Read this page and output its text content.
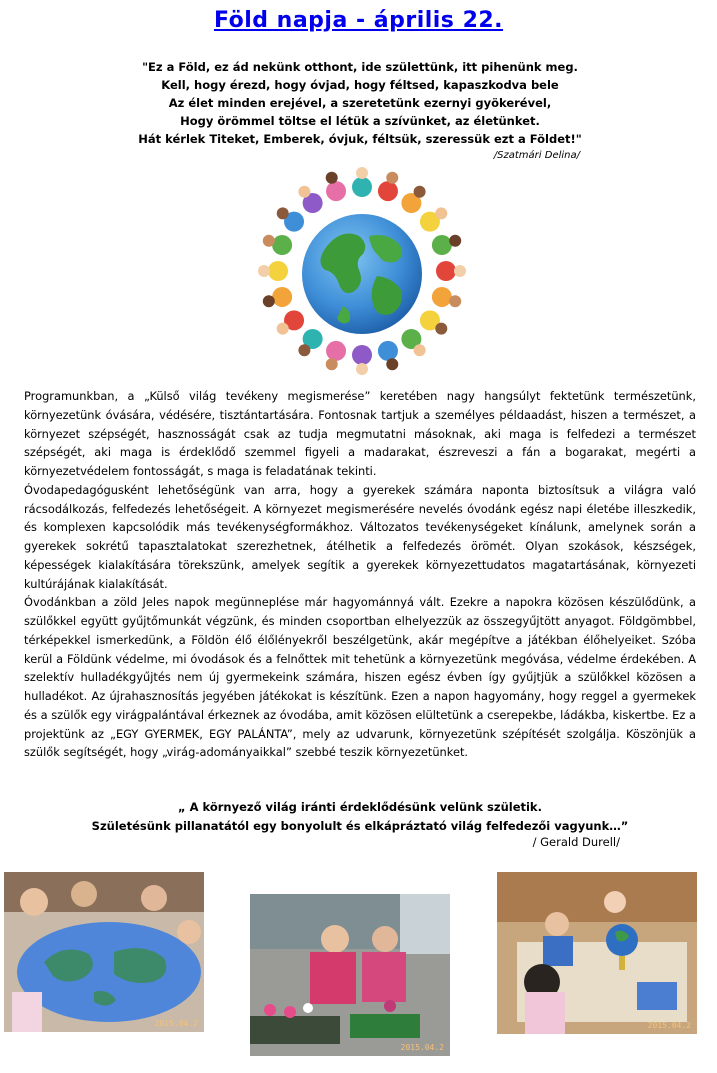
Föld napja - április 22.
"Ez a Föld, ez ád nekünk otthont, ide születtünk, itt pihenünk meg.
Kell, hogy érezd, hogy óvjad, hogy féltsed, kapaszkodva bele
Az élet minden erejével, a szeretetünk ezernyi gyökerével,
Hogy örömmel töltse el létük a szívünket, az életünket.
Hát kérlek Titeket, Emberek, óvjuk, féltsük, szeressük ezt a Földet!"
/Szatmári Delina/

Programunkban, a „Külső világ tevékeny megismerése” keretében nagy hangsúlyt fektetünk természetünk, környezetünk óvására, védésére, tisztántartására. Fontosnak tartjuk a személyes példaadást, hiszen a természet, a környezet szépségét, hasznosságát csak az tudja megmutatni másoknak, aki maga is felfedezi a természet szépségét, aki maga is érdeklődő szemmel figyeli a madarakat, észreveszi a fán a bogarakat, megérti a környezetvédelem fontosságát, s maga is feladatának tekinti.

Óvodapedagógusként lehetőségünk van arra, hogy a gyerekek számára naponta biztosítsuk a világra való rácsodálkozás, felfedezés lehetőségeit. A környezet megismerésére nevelés óvodánk egész napi életébe illeszkedik, és komplexen kapcsolódik más tevékenységformákhoz. Változatos tevékenységeket kínálunk, amelynek során a gyerekek sokrétű tapasztalatokat szerezhetnek, átélhetik a felfedezés örömét. Olyan szokások, készségek, képességek kialakítására törekszünk, amelyek segítik a gyerekek környezettudatos magatartásának, környezeti kultúrájának kialakítását.

Óvodánkban a zöld Jeles napok megünneplése már hagyománnyá vált. Ezekre a napokra közösen készülődünk, a szülőkkel együtt gyűjtőmunkát végzünk, és minden csoportban elhelyezzük az összegyűjtött anyagot. Földgömbbel, térképekkel ismerkedünk, a Földön élő élőlényekről beszélgetünk, akár megépítve a játékban élőhelyeiket. Szóba kerül a Földünk védelme, mi óvodások és a felnőttek mit tehetünk a környezetünk megóvása, védelme érdekében. A szelektív hulladékgyűjtés nem új gyermekeink számára, hiszen egész évben így gyűjtjük a szülőkkel közösen a hulladékot. Az újrahasznosítás jegyében játékokat is készítünk. Ezen a napon hagyomány, hogy reggel a gyermekek és a szülők egy virágpalántával érkeznek az óvodába, amit közösen elültetünk a cserepekbe, ládákba, kiskertbe. Ez a projektünk az „EGY GYERMEK, EGY PALÁNTA”, mely az udvarunk, környezetünk szépítését szolgálja. Köszönjük a szülők segítségét, hogy „virág-adományaikkal” szebbé teszik környezetünket.

„ A környező világ iránti érdeklődésünk velünk születik.
Születésünk pillanatától egy bonyolult és elkápráztató világ felfedezői vagyunk…”
/ Gerald Durell/
2015.04.2
2015.04.2
2015.04.2
